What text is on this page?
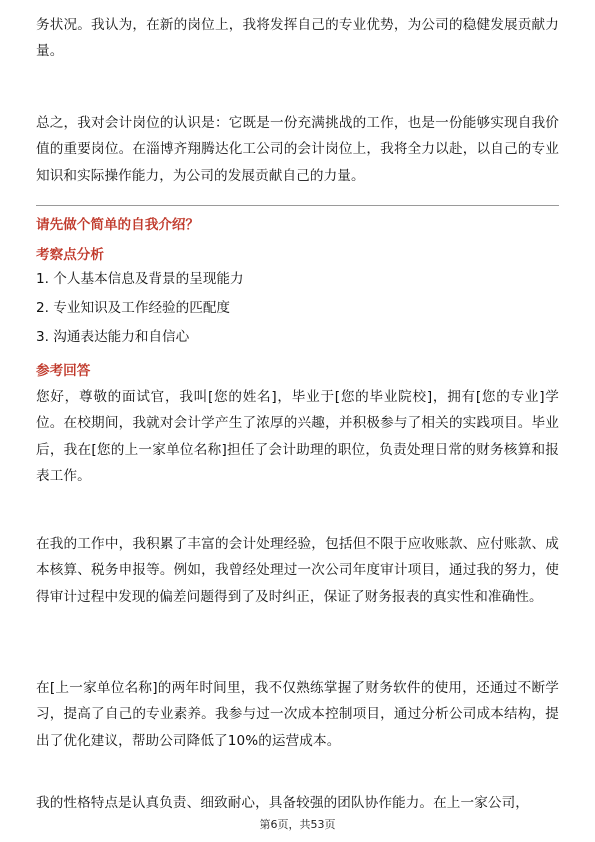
务状况。我认为，在新的岗位上，我将发挥自己的专业优势，为公司的稳健发展贡献力量。

总之，我对会计岗位的认识是：它既是一份充满挑战的工作，也是一份能够实现自我价值的重要岗位。在淄博齐翔腾达化工公司的会计岗位上，我将全力以赴，以自己的专业知识和实际操作能力，为公司的发展贡献自己的力量。

请先做个简单的自我介绍？

考察点分析

1. 个人基本信息及背景的呈现能力

2. 专业知识及工作经验的匹配度

3. 沟通表达能力和自信心

参考回答

您好，尊敬的面试官，我叫[您的姓名]，毕业于[您的毕业院校]，拥有[您的专业]学位。在校期间，我就对会计学产生了浓厚的兴趣，并积极参与了相关的实践项目。毕业后，我在[您的上一家单位名称]担任了会计助理的职位，负责处理日常的财务核算和报表工作。

在我的工作中，我积累了丰富的会计处理经验，包括但不限于应收账款、应付账款、成本核算、税务申报等。例如，我曾经处理过一次公司年度审计项目，通过我的努力，使得审计过程中发现的偏差问题得到了及时纠正，保证了财务报表的真实性和准确性。

在[上一家单位名称]的两年时间里，我不仅熟练掌握了财务软件的使用，还通过不断学习，提高了自己的专业素养。我参与过一次成本控制项目，通过分析公司成本结构，提出了优化建议，帮助公司降低了10%的运营成本。

我的性格特点是认真负责、细致耐心，具备较强的团队协作能力。在上一家公司，

第6页，共53页
